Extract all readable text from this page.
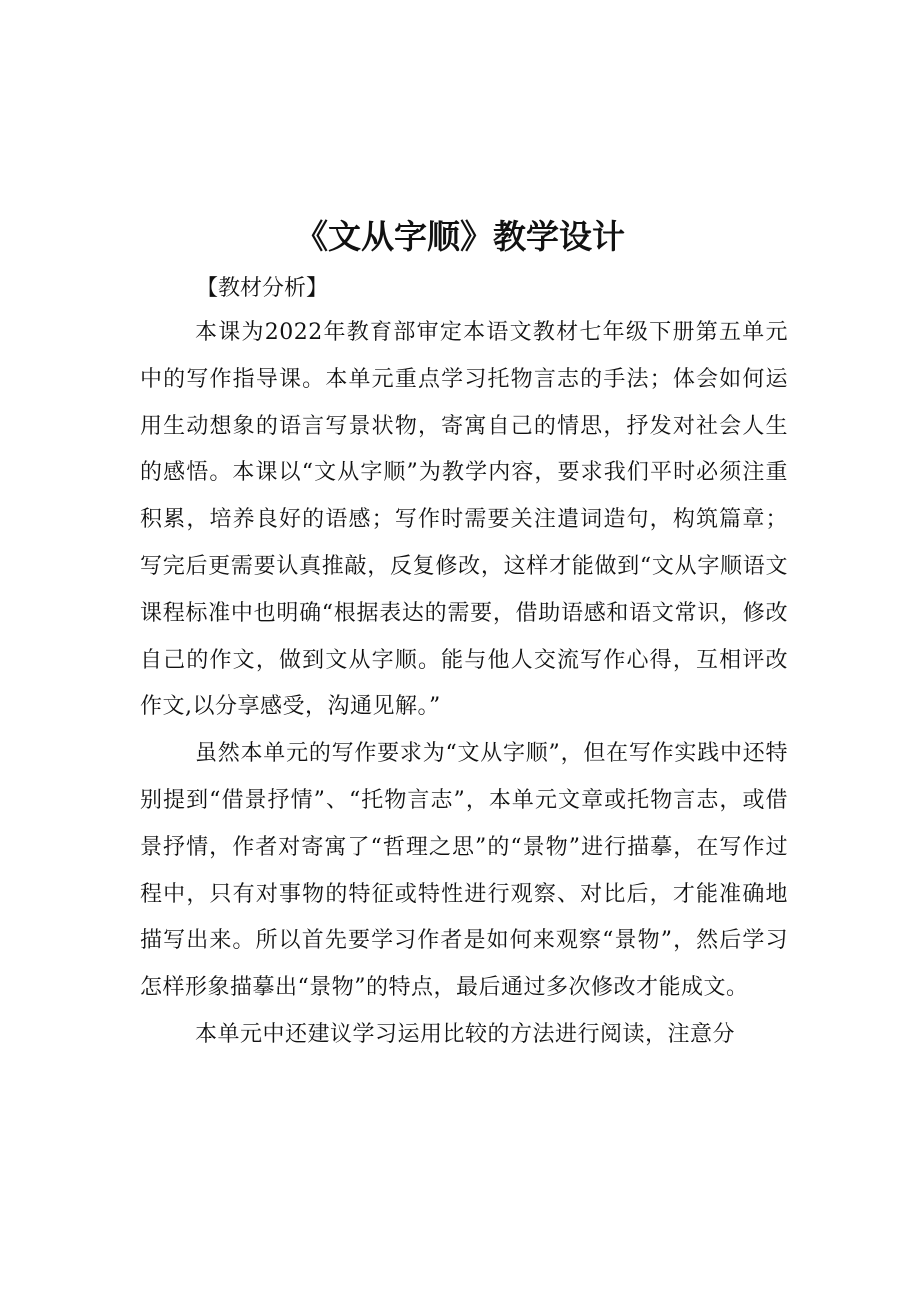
《文从字顺》教学设计
【教材分析】

本课为2022年教育部审定本语文教材七年级下册第五单元中的写作指导课。本单元重点学习托物言志的手法；体会如何运用生动想象的语言写景状物，寄寓自己的情思，抒发对社会人生的感悟。本课以“文从字顺”为教学内容，要求我们平时必须注重积累，培养良好的语感；写作时需要关注遣词造句，构筑篇章；写完后更需要认真推敲，反复修改，这样才能做到“文从字顺语文课程标准中也明确“根据表达的需要，借助语感和语文常识，修改自己的作文，做到文从字顺。能与他人交流写作心得，互相评改作文,以分享感受，沟通见解。”

虽然本单元的写作要求为“文从字顺”，但在写作实践中还特别提到“借景抒情”、“托物言志”，本单元文章或托物言志，或借景抒情，作者对寄寓了“哲理之思”的“景物”进行描摹，在写作过程中，只有对事物的特征或特性进行观察、对比后，才能准确地描写出来。所以首先要学习作者是如何来观察“景物”，然后学习怎样形象描摹出“景物”的特点，最后通过多次修改才能成文。

本单元中还建议学习运用比较的方法进行阅读，注意分
